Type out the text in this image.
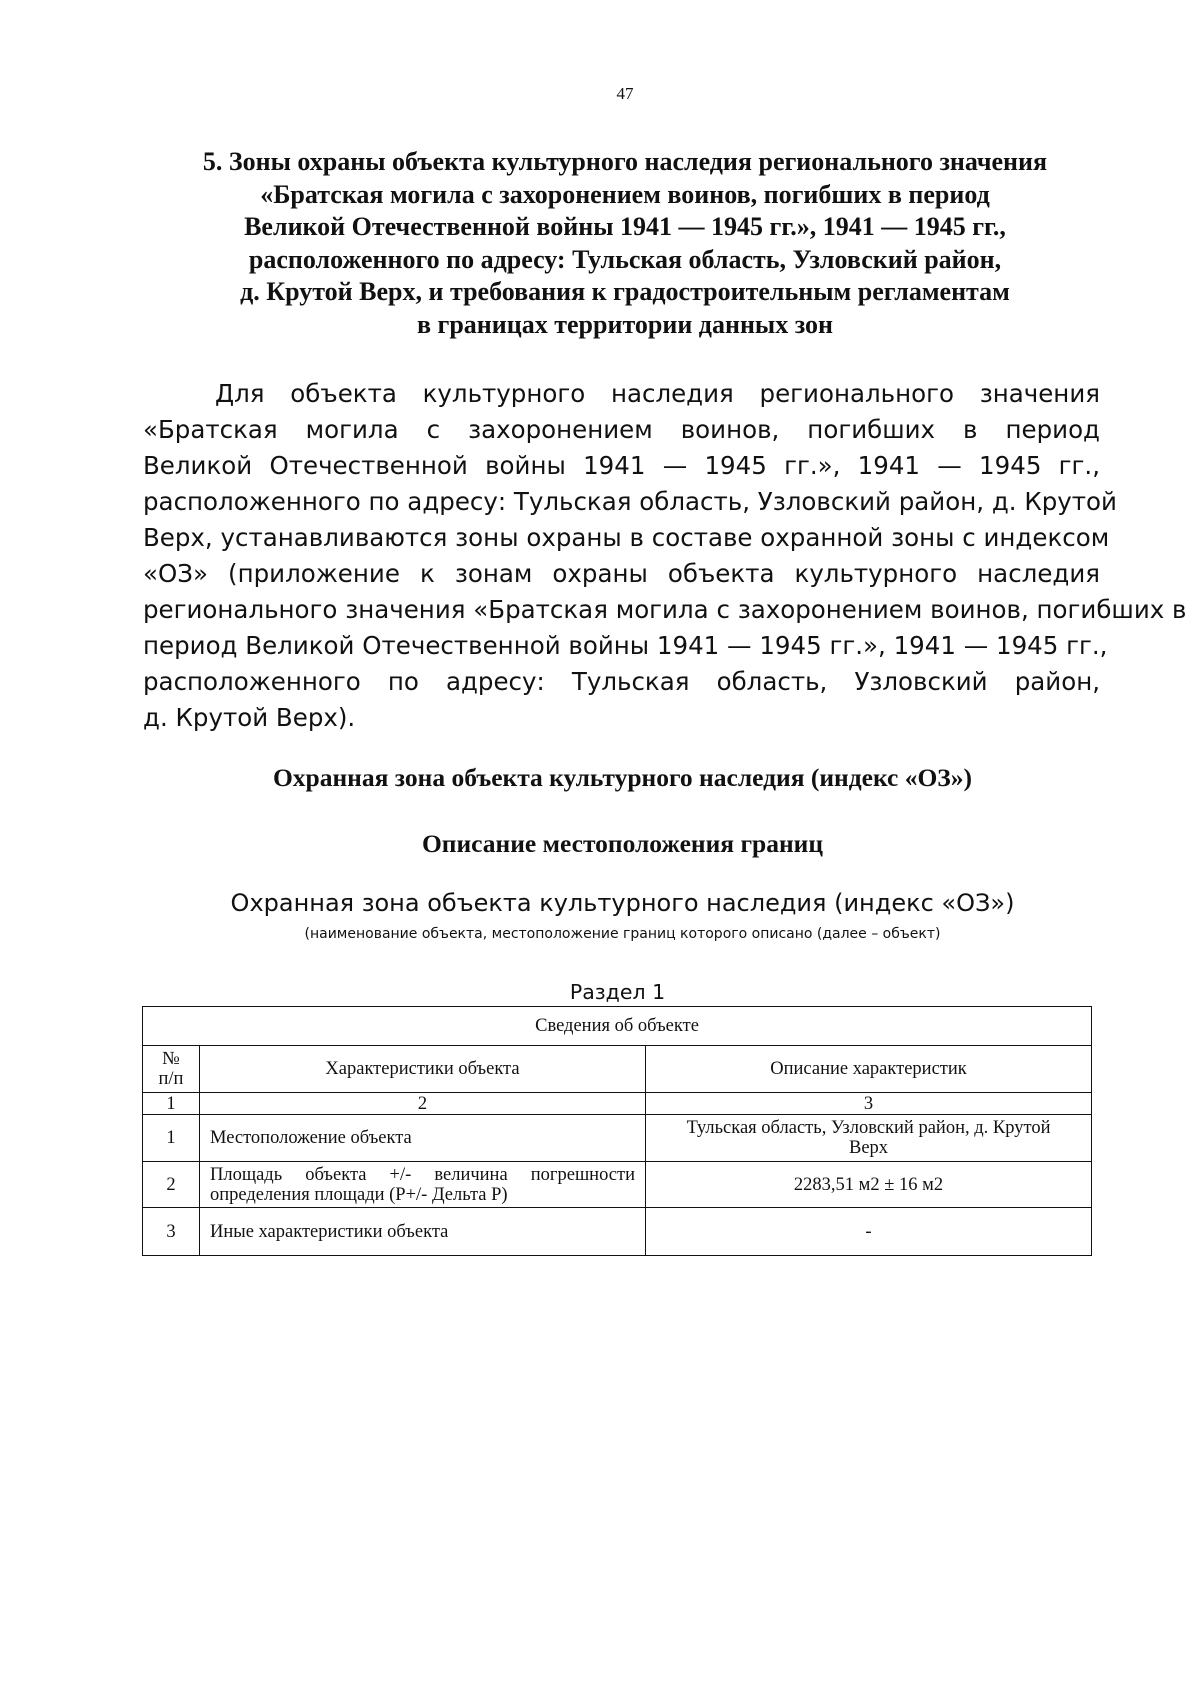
47
5. Зоны охраны объекта культурного наследия регионального значения
«Братская могила с захоронением воинов, погибших в период
Великой Отечественной войны 1941 — 1945 гг.», 1941 — 1945 гг.,
расположенного по адресу: Тульская область, Узловский район,
д. Крутой Верх, и требования к градостроительным регламентам
в границах территории данных зон
Для объекта культурного наследия регионального значения
«Братская могила с захоронением воинов, погибших в период
Великой Отечественной войны 1941 — 1945 гг.», 1941 — 1945 гг.,
расположенного по адресу: Тульская область, Узловский район, д. Крутой
Верх, устанавливаются зоны охраны в составе охранной зоны с индексом
«ОЗ» (приложение к зонам охраны объекта культурного наследия
регионального значения «Братская могила с захоронением воинов, погибших в
период Великой Отечественной войны 1941 — 1945 гг.», 1941 — 1945 гг.,
расположенного по адресу: Тульская область, Узловский район,
д. Крутой Верх).
Охранная зона объекта культурного наследия (индекс «ОЗ»)
Описание местоположения границ
Охранная зона объекта культурного наследия (индекс «ОЗ»)
(наименование объекта, местоположение границ которого описано (далее – объект)
Раздел 1
Сведения об объекте		

№
п/п	Характеристики объекта	Описание характеристик
1	2	3
1	Местоположение объекта	Тульская область, Узловский район, д. Крутой
Верх

2	Площадь объекта +/- величина погрешности
определения площади (Р+/- Дельта Р)	2283,51 м2 ± 16 м2
3	Иные характеристики объекта	-
